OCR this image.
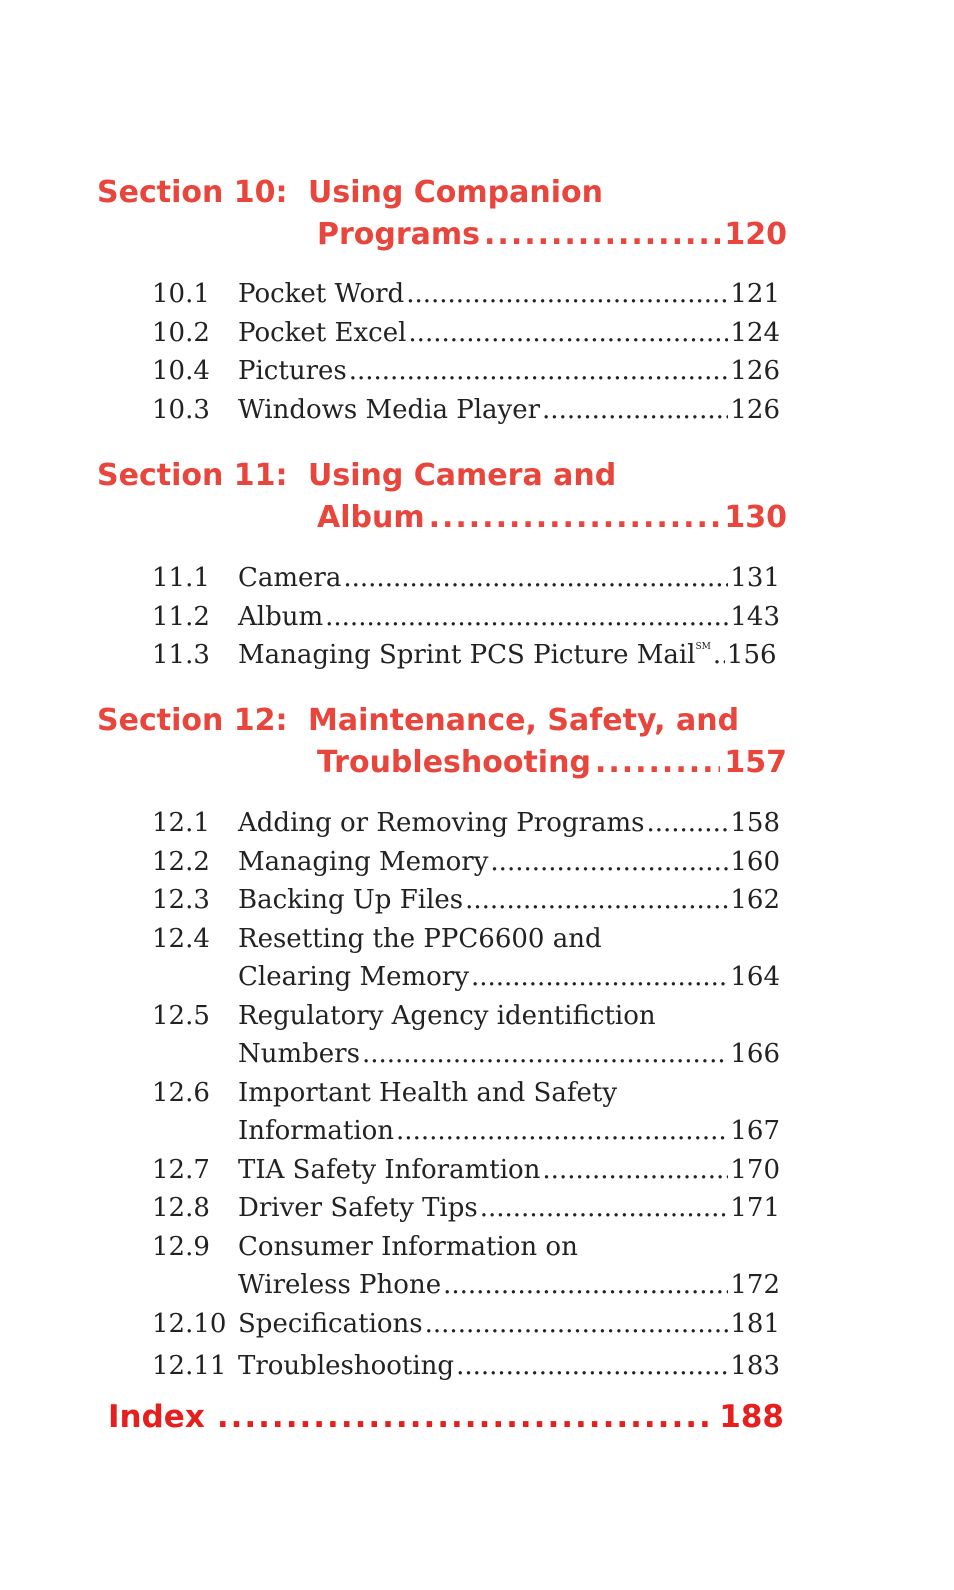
Section 10: Using Companion
Programs .....	120
10.1	Pocket Word .....	121
10.2	Pocket Excel .....	124
10.4	Pictures .....	126
10.3	Windows Media Player .....	126
Section 11: Using Camera and
Album .....	130
11.1	Camera .....	131
11.2	Album .....	143
11.3	Managing Sprint PCS Picture Mail℠ ..... 156
Section 12: Maintenance, Safety, and
Troubleshooting .....	157
12.1	Adding or Removing Programs .....	158
12.2	Managing Memory .....	160
12.3	Backing Up Files .....	162
12.4	Resetting the PPC6600 and
Clearing Memory .....	164
12.5	Regulatory Agency identifiction
Numbers .....	166
12.6	Important Health and Safety
Information .....	167
12.7	TIA Safety Inforamtion .....	170
12.8	Driver Safety Tips .....	171
12.9	Consumer Information on
Wireless Phone .....	172
12.10 Specifications .....	181
12.11 Troubleshooting .....	183
Index .....	188
